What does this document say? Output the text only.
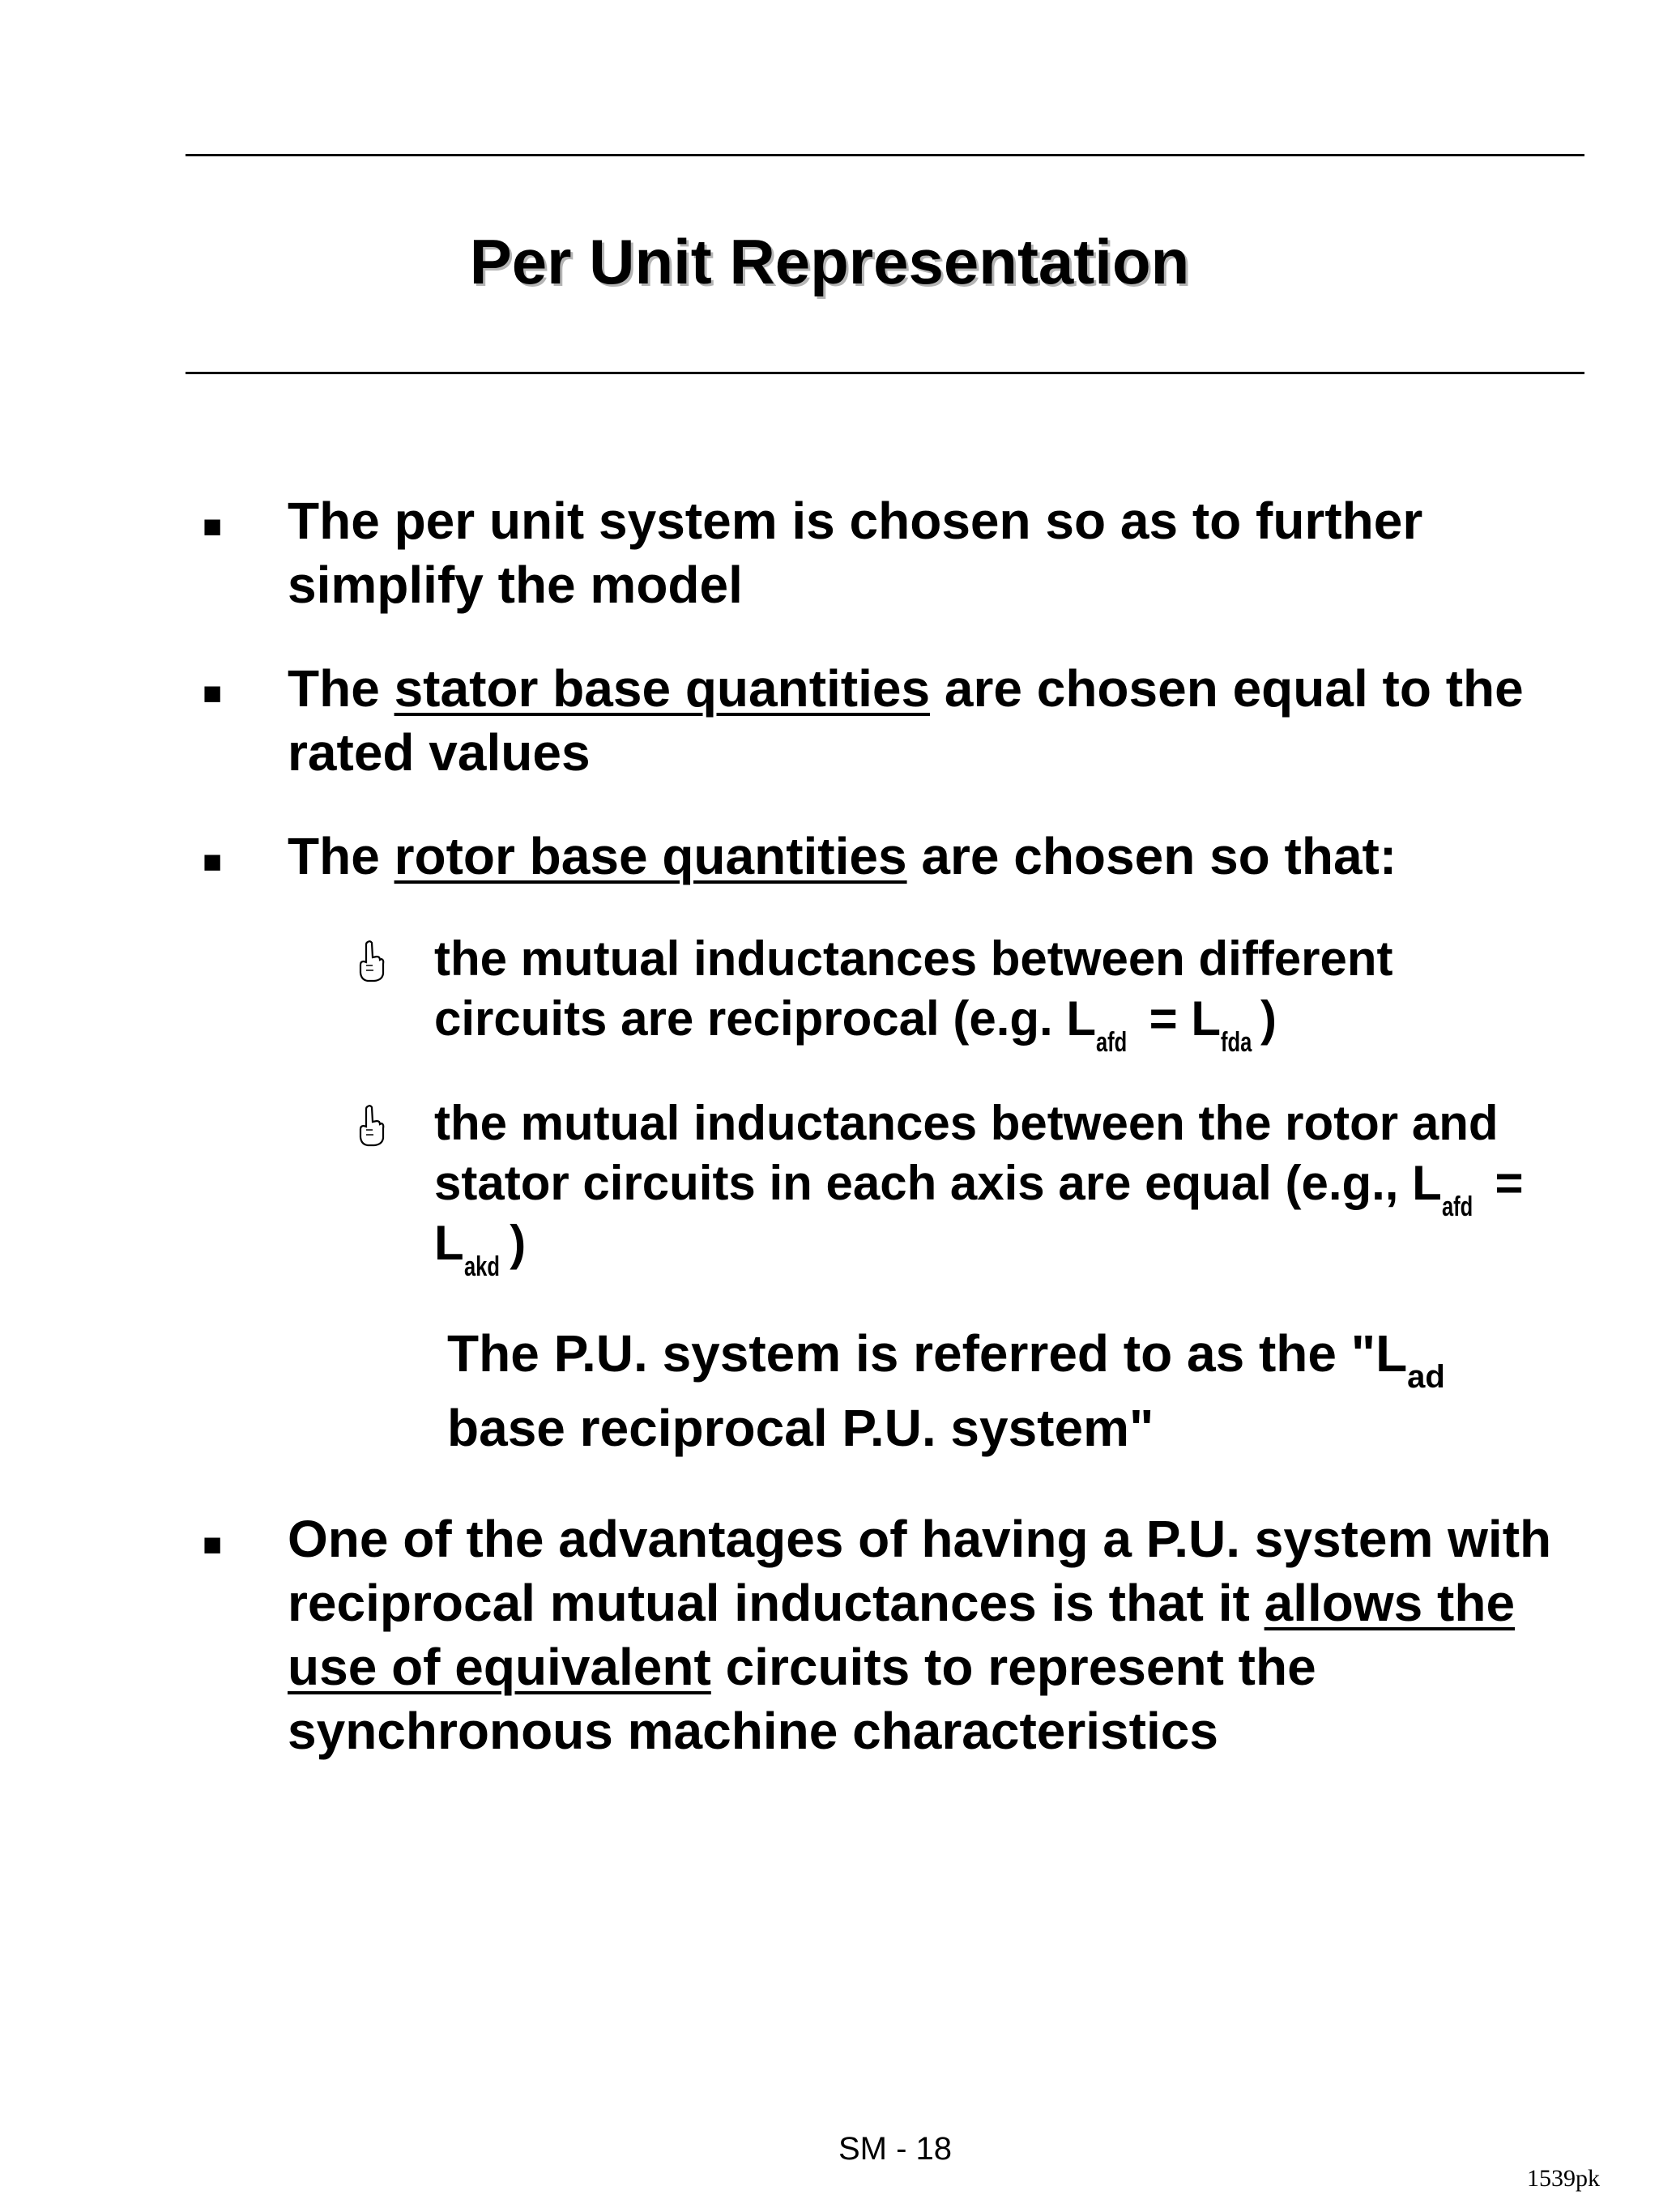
Per Unit Representation
■ The per unit system is chosen so as to further
simplify the model
■ The stator base quantities are chosen equal to the
rated values
■ The rotor base quantities are chosen so that:
the mutual inductances between different
circuits are reciprocal (e.g. Lafd = Lfda )
the mutual inductances between the rotor and
stator circuits in each axis are equal (e.g., Lafd =
Lakd )
The P.U. system is referred to as the "$L_{ad}$
base reciprocal P.U. system"
■ One of the advantages of having a P.U. system with
reciprocal mutual inductances is that it allows the
use of equivalent circuits to represent the
synchronous machine characteristics
SM - 18
1539pk
